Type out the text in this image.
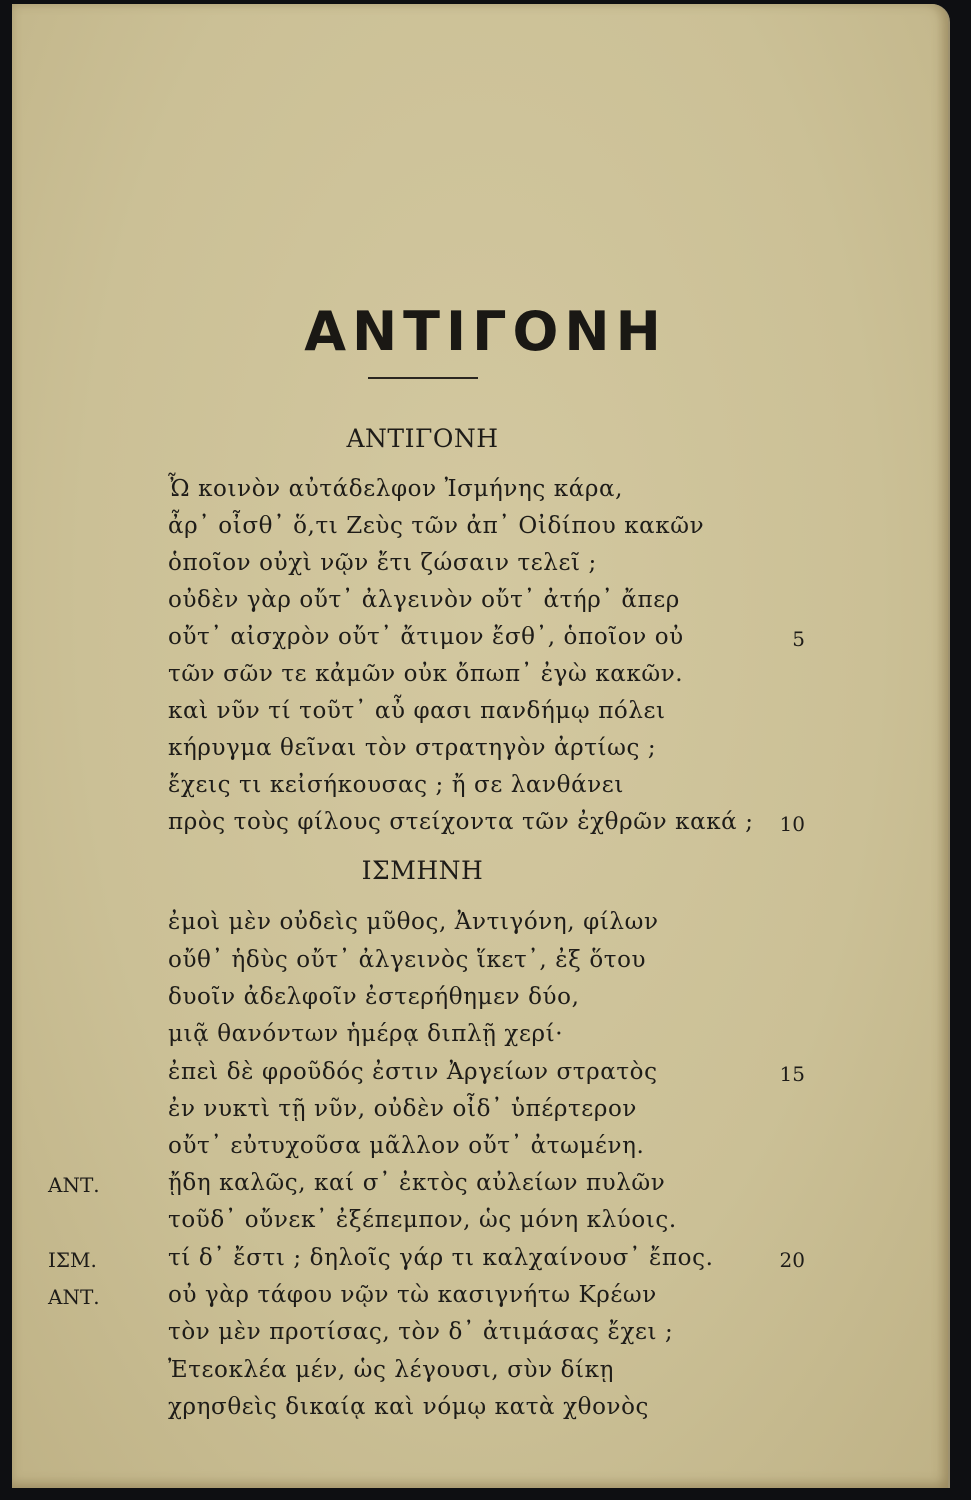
ΑΝΤΙΓΟΝΗ
ΑΝΤΙΓΟΝΗ
ΙΣΜΗΝΗ
Ὦ κοινὸν αὐτάδελφον Ἰσμήνης κάρα,
ἆρ᾽ οἶσθ᾽ ὅ,τι Ζεὺς τῶν ἀπ᾽ Οἰδίπου κακῶν
ὁποῖον οὐχὶ νῷν ἔτι ζώσαιν τελεῖ ;
οὐδὲν γὰρ οὔτ᾽ ἀλγεινὸν οὔτ᾽ ἀτήρ᾽ ἄπερ
οὔτ᾽ αἰσχρὸν οὔτ᾽ ἄτιμον ἔσθ᾽, ὁποῖον οὐ	5
τῶν σῶν τε κἀμῶν οὐκ ὄπωπ᾽ ἐγὼ κακῶν.
καὶ νῦν τί τοῦτ᾽ αὖ φασι πανδήμῳ πόλει
κήρυγμα θεῖναι τὸν στρατηγὸν ἀρτίως ;
ἔχεις τι κεἰσήκουσας ; ἤ σε λανθάνει
πρὸς τοὺς φίλους στείχοντα τῶν ἐχθρῶν κακά ; 10
ἐμοὶ μὲν οὐδεὶς μῦθος, Ἀντιγόνη, φίλων
οὔθ᾽ ἡδὺς οὔτ᾽ ἀλγεινὸς ἵκετ᾽, ἐξ ὅτου
δυοῖν ἀδελφοῖν ἐστερήθημεν δύο,
μιᾷ θανόντων ἡμέρᾳ διπλῇ χερί·
ἐπεὶ δὲ φροῦδός ἐστιν Ἀργείων στρατὸς	15
ἐν νυκτὶ τῇ νῦν, οὐδὲν οἶδ᾽ ὑπέρτερον
οὔτ᾽ εὐτυχοῦσα μᾶλλον οὔτ᾽ ἀτωμένη.
ᾔδη καλῶς, καί σ᾽ ἐκτὸς αὐλείων πυλῶν
ΑΝΤ.
τοῦδ᾽ οὔνεκ᾽ ἐξέπεμπον, ὡς μόνη κλύοις.
τί δ᾽ ἔστι ; δηλοῖς γάρ τι καλχαίνουσ᾽ ἔπος.	20
ΙΣΜ.
οὐ γὰρ τάφου νῷν τὼ κασιγνήτω Κρέων
ΑΝΤ.
τὸν μὲν προτίσας, τὸν δ᾽ ἀτιμάσας ἔχει ;
Ἐτεοκλέα μέν, ὡς λέγουσι, σὺν δίκῃ
χρησθεὶς δικαίᾳ καὶ νόμῳ κατὰ χθονὸς
